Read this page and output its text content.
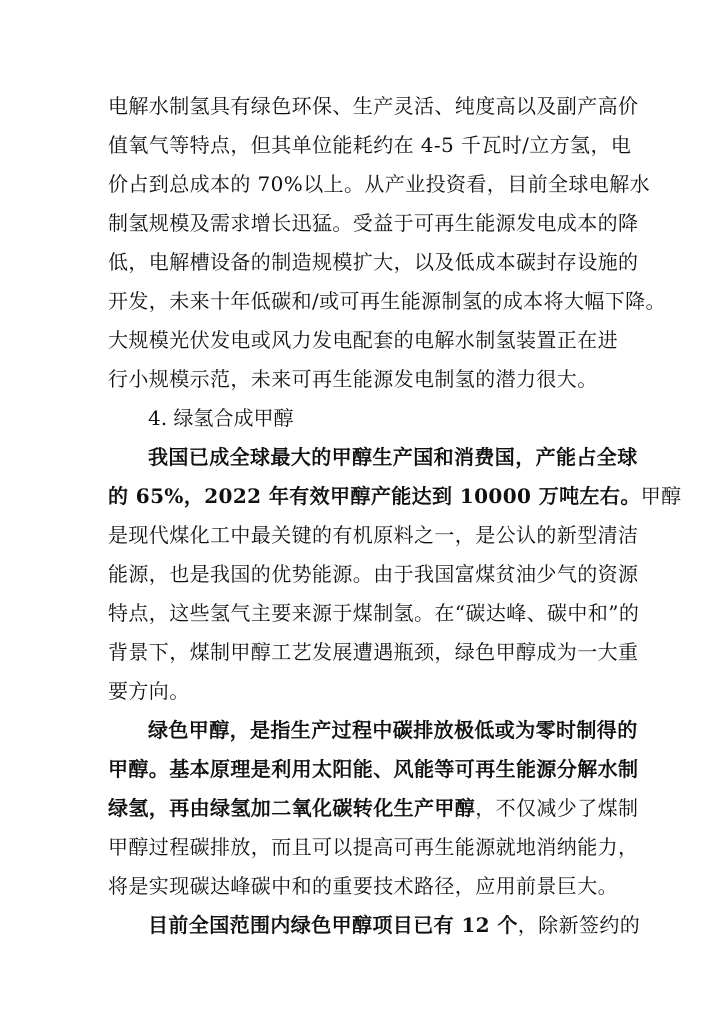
电解水制氢具有绿色环保、生产灵活、纯度高以及副产高价
值氧气等特点，但其单位能耗约在 4-5 千瓦时/立方氢，电
价占到总成本的 70%以上。从产业投资看，目前全球电解水
制氢规模及需求增长迅猛。受益于可再生能源发电成本的降
低，电解槽设备的制造规模扩大，以及低成本碳封存设施的
开发，未来十年低碳和/或可再生能源制氢的成本将大幅下降。
大规模光伏发电或风力发电配套的电解水制氢装置正在进
行小规模示范，未来可再生能源发电制氢的潜力很大。
4. 绿氢合成甲醇
我国已成全球最大的甲醇生产国和消费国，产能占全球
的 65%，2022 年有效甲醇产能达到 10000 万吨左右。甲醇
是现代煤化工中最关键的有机原料之一，是公认的新型清洁
能源，也是我国的优势能源。由于我国富煤贫油少气的资源
特点，这些氢气主要来源于煤制氢。在“碳达峰、碳中和”的
背景下，煤制甲醇工艺发展遭遇瓶颈，绿色甲醇成为一大重
要方向。
绿色甲醇，是指生产过程中碳排放极低或为零时制得的
甲醇。基本原理是利用太阳能、风能等可再生能源分解水制
绿氢，再由绿氢加二氧化碳转化生产甲醇，不仅减少了煤制
甲醇过程碳排放，而且可以提高可再生能源就地消纳能力，
将是实现碳达峰碳中和的重要技术路径，应用前景巨大。
目前全国范围内绿色甲醇项目已有 12 个，除新签约的
